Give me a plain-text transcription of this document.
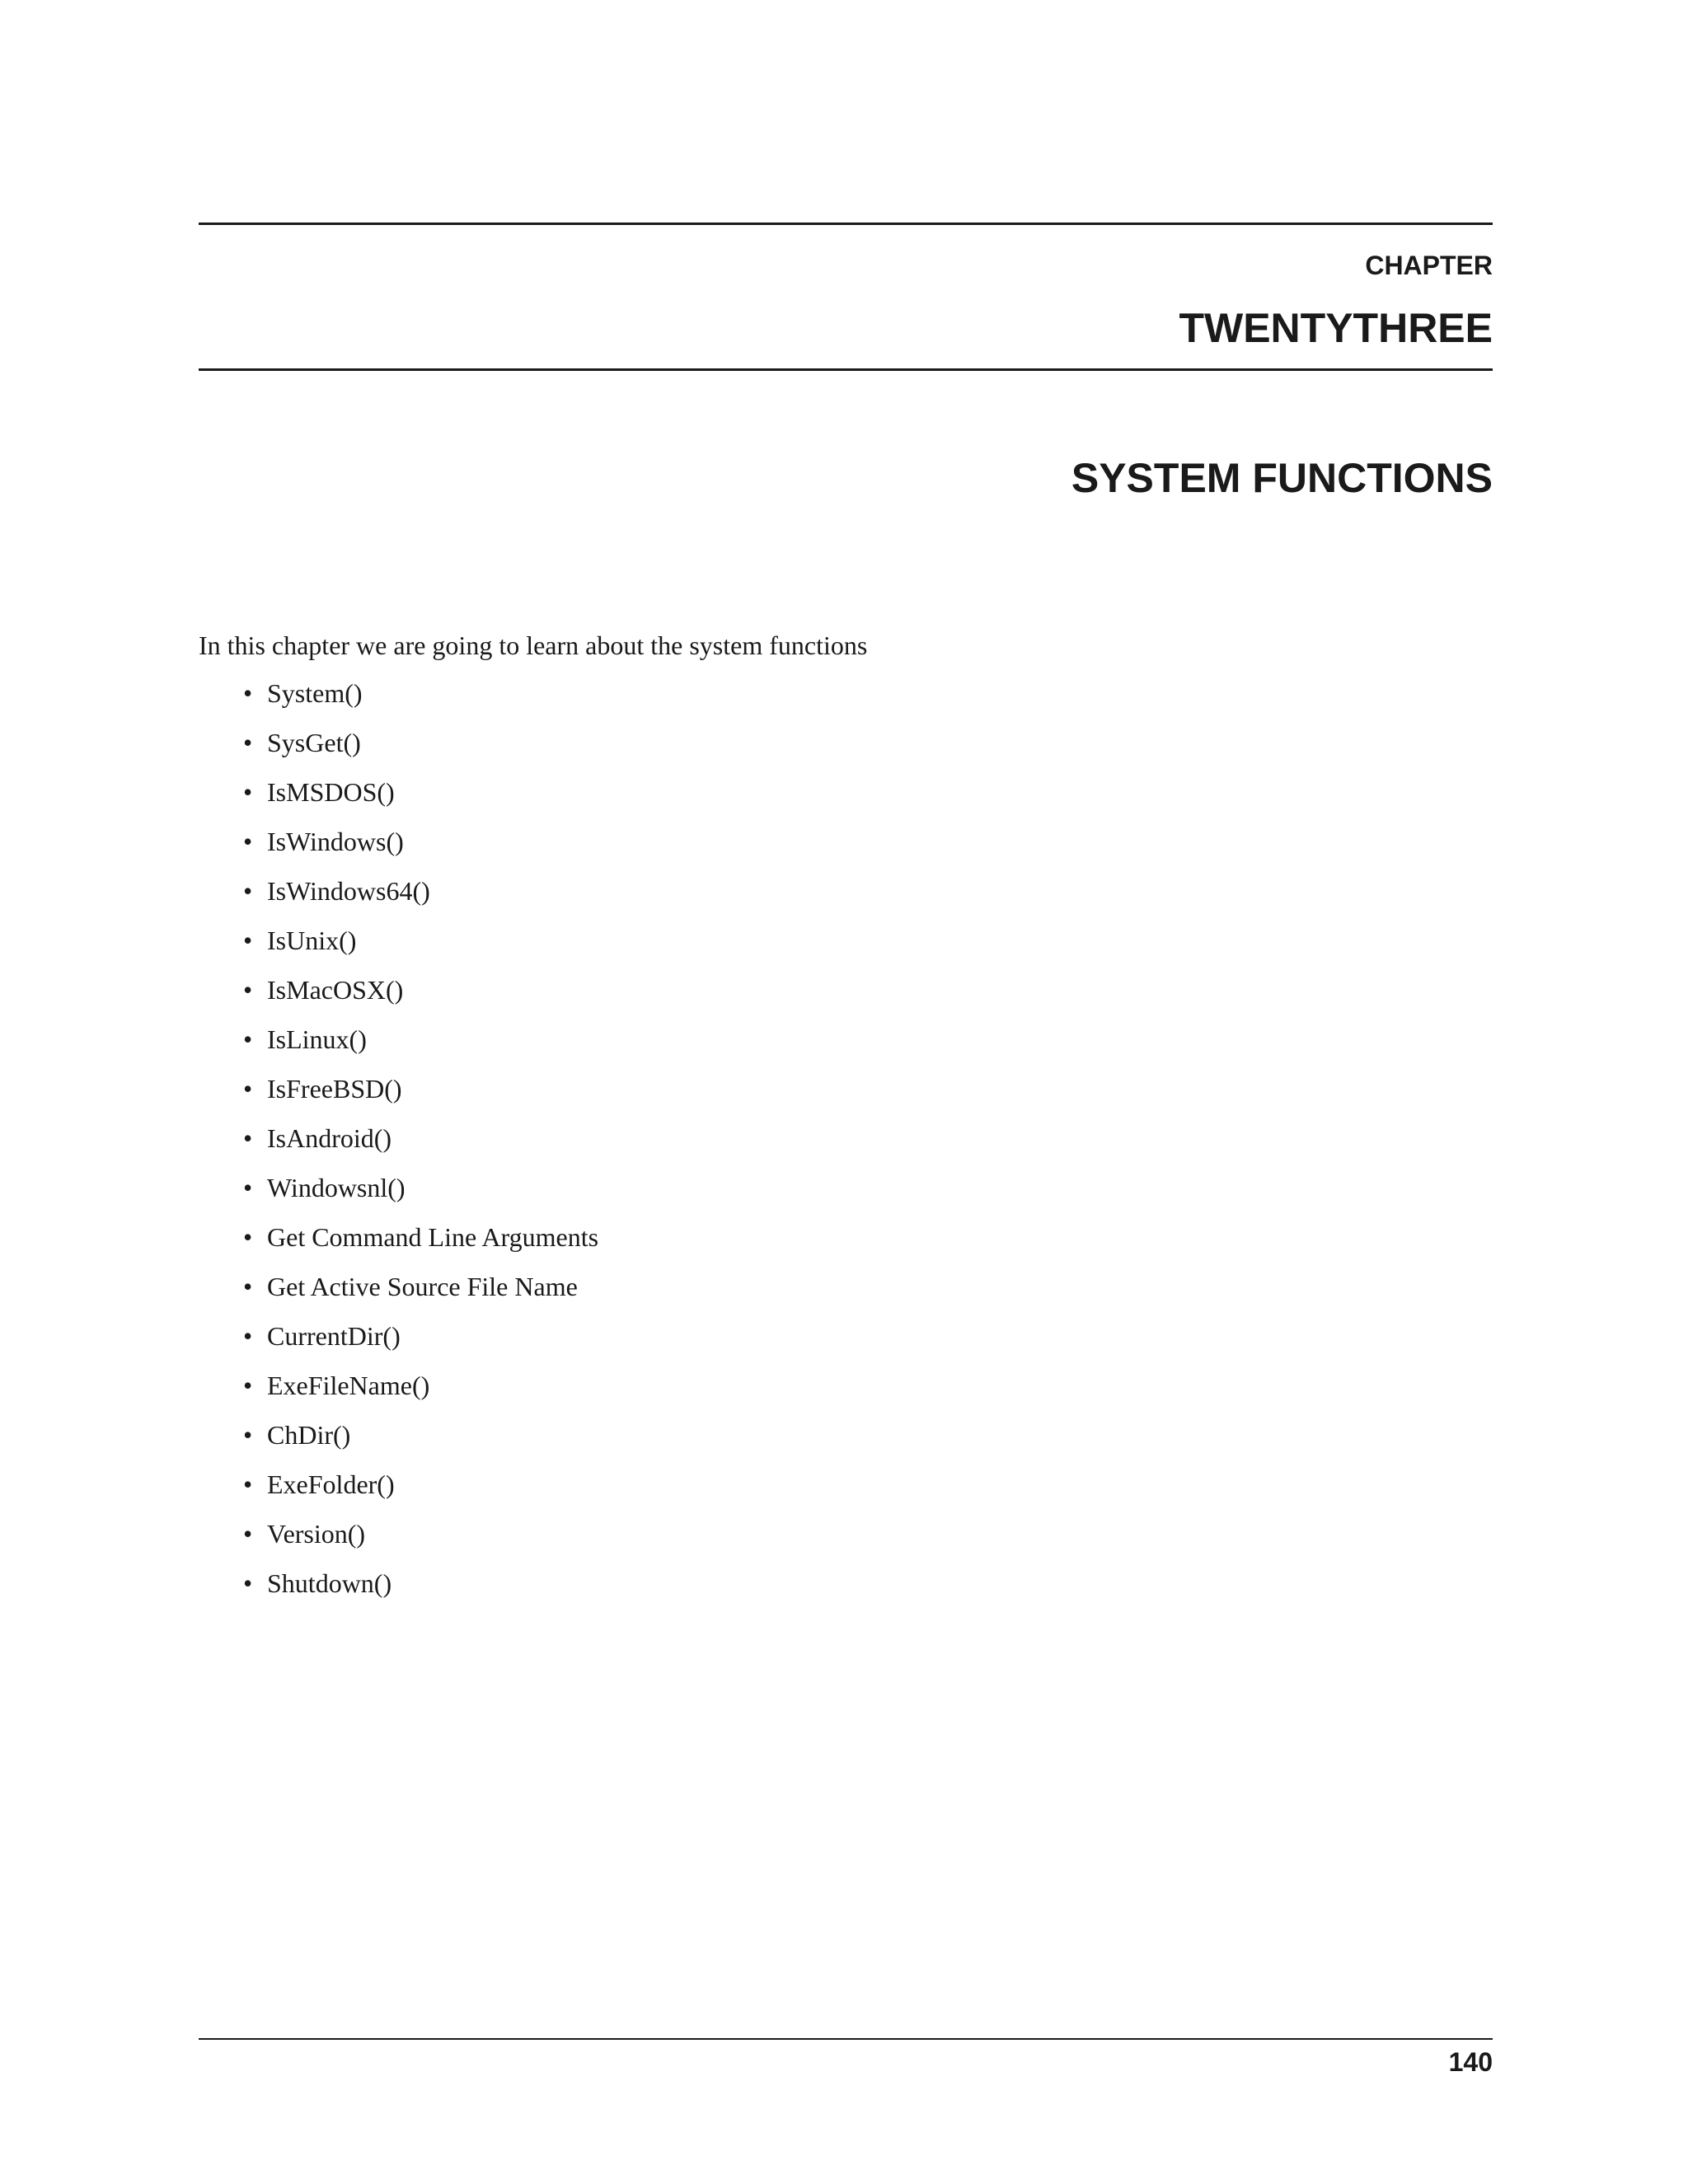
CHAPTER
TWENTYTHREE
SYSTEM FUNCTIONS

In this chapter we are going to learn about the system functions

• System()
• SysGet()
• IsMSDOS()
• IsWindows()
• IsWindows64()
• IsUnix()
• IsMacOSX()
• IsLinux()
• IsFreeBSD()
• IsAndroid()
• Windowsnl()
• Get Command Line Arguments
• Get Active Source File Name
• CurrentDir()
• ExeFileName()
• ChDir()
• ExeFolder()
• Version()
• Shutdown()
140
